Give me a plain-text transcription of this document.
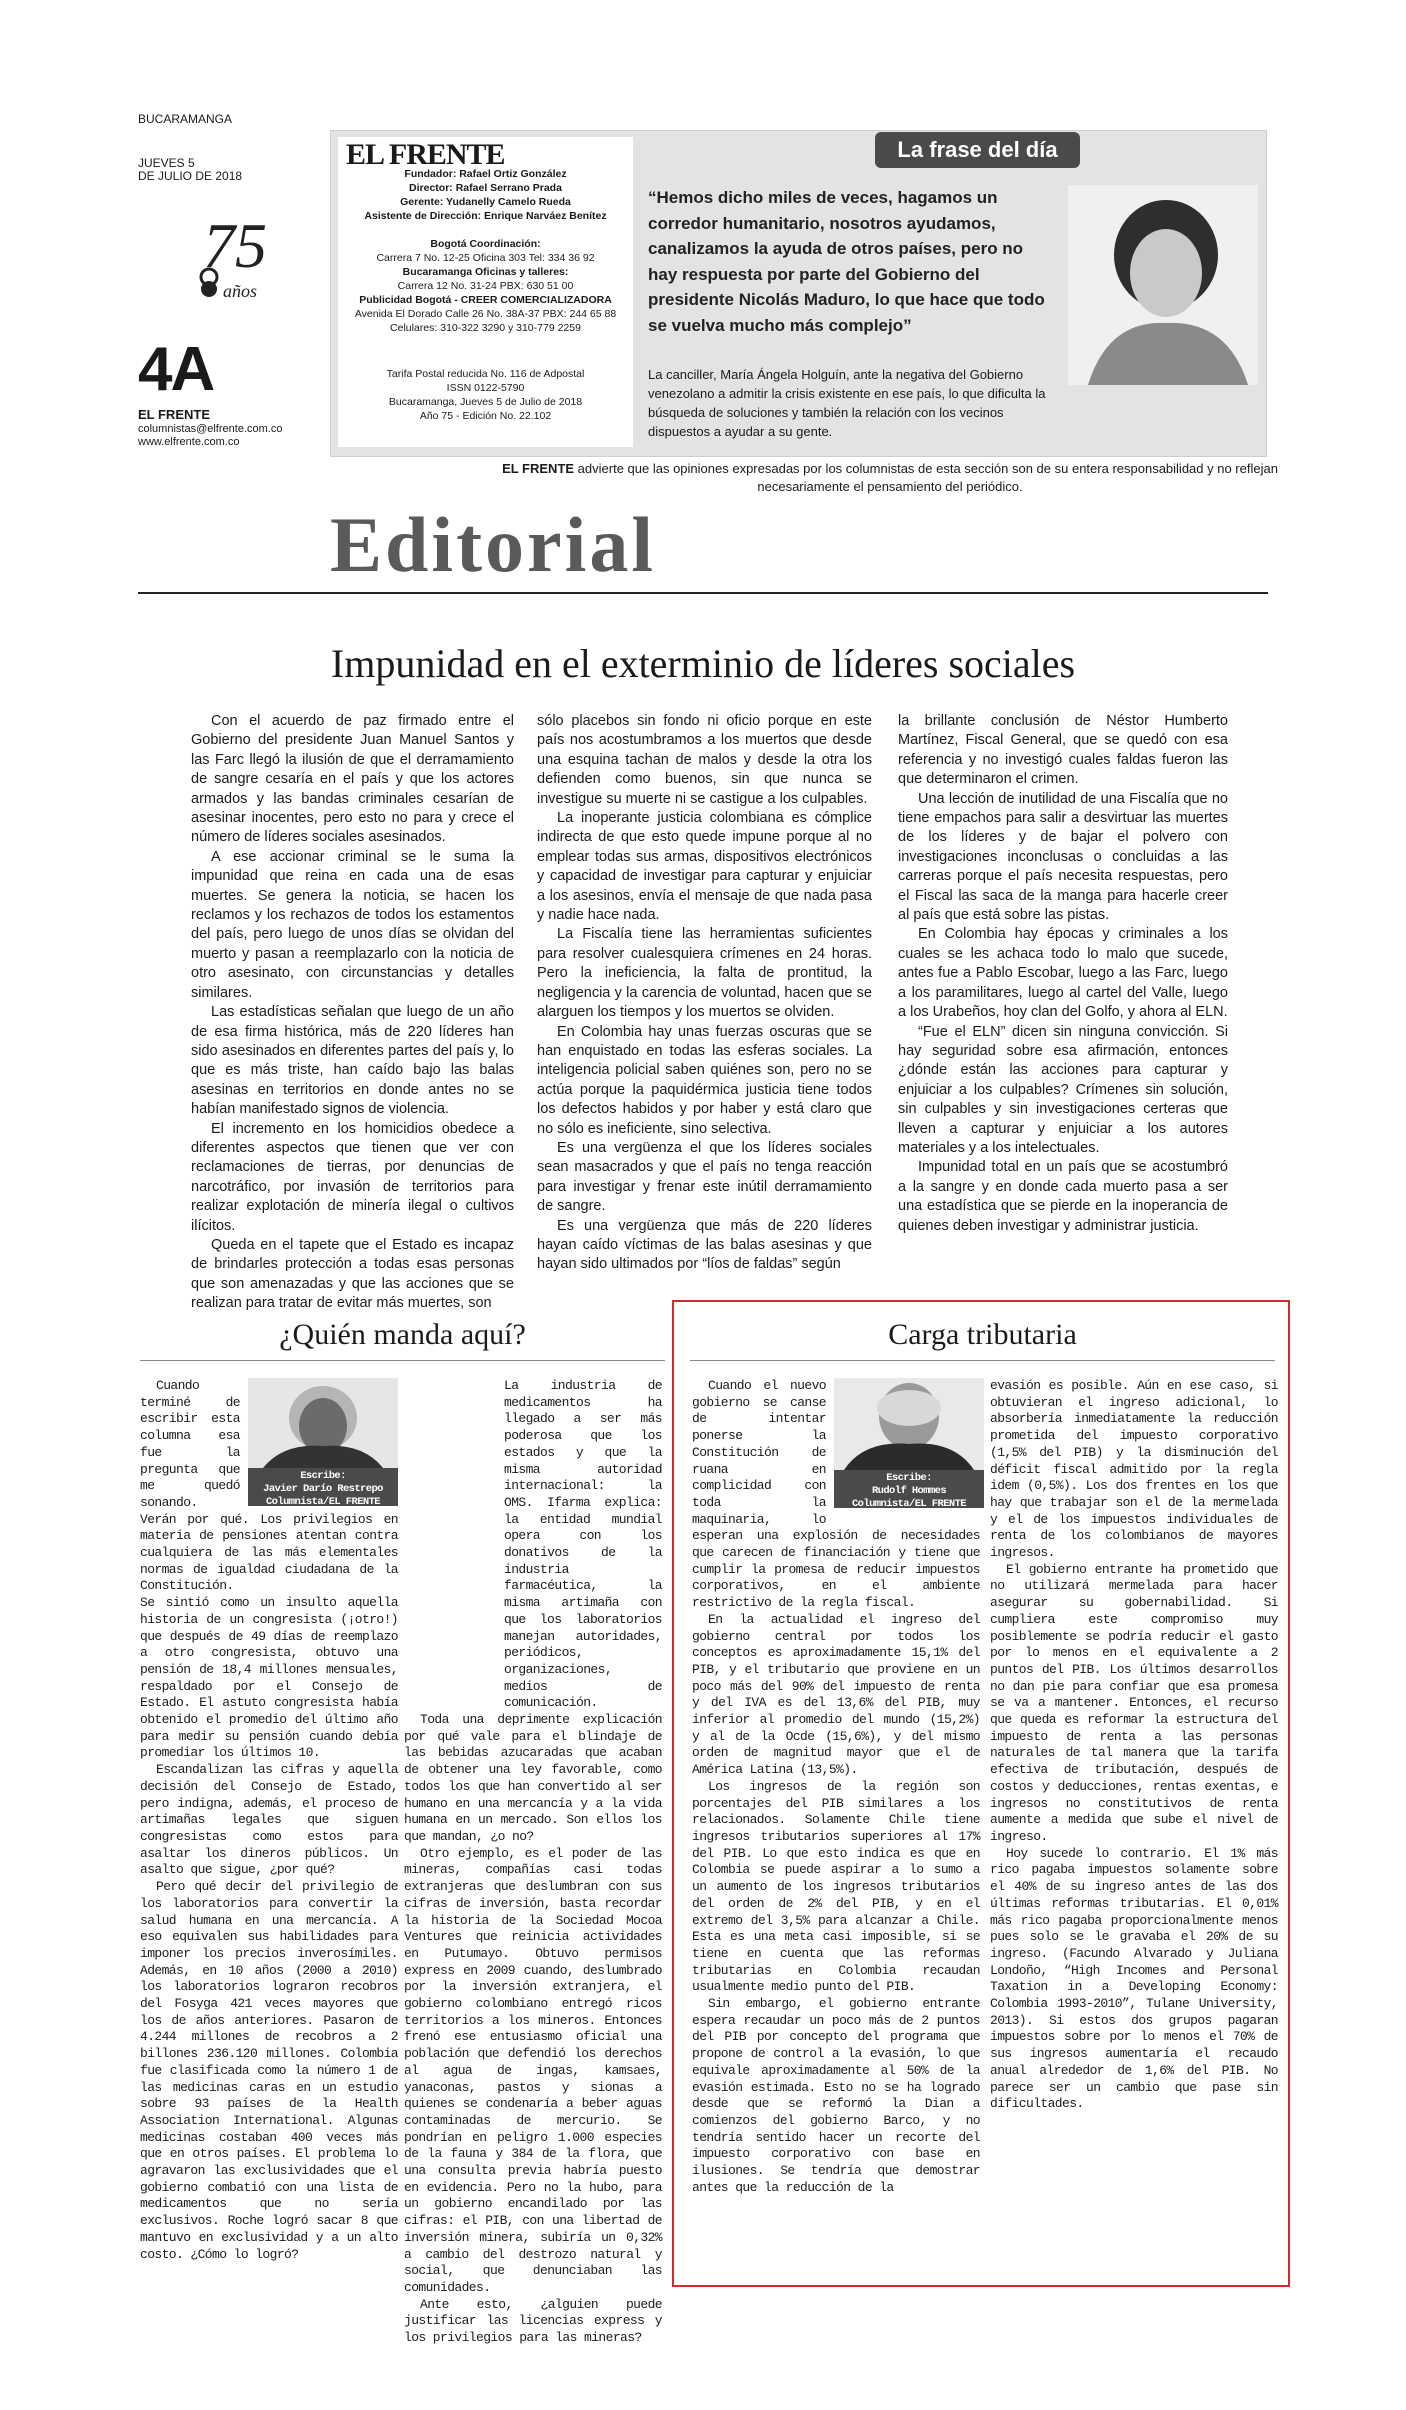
BUCARAMANGA
JUEVES 5
DE JULIO DE 2018
75
años
4A
EL FRENTE
columnistas@elfrente.com.co
www.elfrente.com.co
Fundador: Rafael Ortiz González
Director: Rafael Serrano Prada
Gerente: Yudanelly Camelo Rueda
Asistente de Dirección: Enrique Narváez Benítez
Bogotá Coordinación:
Carrera 7 No. 12-25 Oficina 303 Tel: 334 36 92
Bucaramanga Oficinas y talleres:
Carrera 12 No. 31-24 PBX: 630 51 00
Publicidad Bogotá - CREER COMERCIALIZADORA
Avenida El Dorado Calle 26 No. 38A-37 PBX: 244 65 88
Celulares: 310-322 3290 y 310-779 2259
Tarifa Postal reducida No. 116 de Adpostal
ISSN 0122-5790
Bucaramanga, Jueves 5 de Julio de 2018
Año 75 - Edición No. 22.102
EL FRENTE	La frase del día
“Hemos dicho miles de veces, hagamos un corredor humanitario, nosotros ayudamos, canalizamos la ayuda de otros países, pero no hay respuesta por parte del Gobierno del presidente Nicolás Maduro, lo que hace que todo se vuelva mucho más complejo”
La canciller, María Ángela Holguín, ante la negativa del Gobierno venezolano a admitir la crisis existente en ese país, lo que dificulta la búsqueda de soluciones y también la relación con los vecinos dispuestos a ayudar a su gente.
EL FRENTE advierte que las opiniones expresadas por los columnistas de esta sección son de su entera responsabilidad y no reflejan necesariamente el pensamiento del periódico.
Editorial
Impunidad en el exterminio de líderes sociales

Con el acuerdo de paz firmado entre el Gobierno del presidente Juan Manuel Santos y las Farc llegó la ilusión de que el derramamiento de sangre cesaría en el país y que los actores armados y las bandas criminales cesarían de asesinar inocentes, pero esto no para y crece el número de líderes sociales asesinados.

A ese accionar criminal se le suma la impunidad que reina en cada una de esas muertes. Se genera la noticia, se hacen los reclamos y los rechazos de todos los estamentos del país, pero luego de unos días se olvidan del muerto y pasan a reemplazarlo con la noticia de otro asesinato, con circunstancias y detalles similares.

Las estadísticas señalan que luego de un año de esa firma histórica, más de 220 líderes han sido asesinados en diferentes partes del país y, lo que es más triste, han caído bajo las balas asesinas en territorios en donde antes no se habían manifestado signos de violencia.

El incremento en los homicidios obedece a diferentes aspectos que tienen que ver con reclamaciones de tierras, por denuncias de narcotráfico, por invasión de territorios para realizar explotación de minería ilegal o cultivos ilícitos.

Queda en el tapete que el Estado es incapaz de brindarles protección a todas esas personas que son amenazadas y que las acciones que se realizan para tratar de evitar más muertes, son

sólo placebos sin fondo ni oficio porque en este país nos acostumbramos a los muertos que desde una esquina tachan de malos y desde la otra los defienden como buenos, sin que nunca se investigue su muerte ni se castigue a los culpables.

La inoperante justicia colombiana es cómplice indirecta de que esto quede impune porque al no emplear todas sus armas, dispositivos electrónicos y capacidad de investigar para capturar y enjuiciar a los asesinos, envía el mensaje de que nada pasa y nadie hace nada.

La Fiscalía tiene las herramientas suficientes para resolver cualesquiera crímenes en 24 horas. Pero la ineficiencia, la falta de prontitud, la negligencia y la carencia de voluntad, hacen que se alarguen los tiempos y los muertos se olviden.

En Colombia hay unas fuerzas oscuras que se han enquistado en todas las esferas sociales. La inteligencia policial saben quiénes son, pero no se actúa porque la paquidérmica justicia tiene todos los defectos habidos y por haber y está claro que no sólo es ineficiente, sino selectiva.

Es una vergüenza el que los líderes sociales sean masacrados y que el país no tenga reacción para investigar y frenar este inútil derramamiento de sangre.

Es una vergüenza que más de 220 líderes hayan caído víctimas de las balas asesinas y que hayan sido ultimados por “líos de faldas” según

la brillante conclusión de Néstor Humberto Martínez, Fiscal General, que se quedó con esa referencia y no investigó cuales faldas fueron las que determinaron el crimen.

Una lección de inutilidad de una Fiscalía que no tiene empachos para salir a desvirtuar las muertes de los líderes y de bajar el polvero con investigaciones inconclusas o concluidas a las carreras porque el país necesita respuestas, pero el Fiscal las saca de la manga para hacerle creer al país que está sobre las pistas.

En Colombia hay épocas y criminales a los cuales se les achaca todo lo malo que sucede, antes fue a Pablo Escobar, luego a las Farc, luego a los paramilitares, luego al cartel del Valle, luego a los Urabeños, hoy clan del Golfo, y ahora al ELN.

“Fue el ELN” dicen sin ninguna convicción. Si hay seguridad sobre esa afirmación, entonces ¿dónde están las acciones para capturar y enjuiciar a los culpables? Crímenes sin solución, sin culpables y sin investigaciones certeras que lleven a capturar y enjuiciar a los autores materiales y a los intelectuales.

Impunidad total en un país que se acostumbró a la sangre y en donde cada muerto pasa a ser una estadística que se pierde en la inoperancia de quienes deben investigar y administrar justicia.

¿Quién manda aquí?
Escribe:
Javier Darío Restrepo
Columnista/EL FRENTE

Cuando terminé de escribir esta columna esa fue la pregunta que me quedó sonando. Verán por qué. Los privilegios en materia de pensiones atentan contra cualquiera de las más elementales normas de igualdad ciudadana de la Constitución.

Se sintió como un insulto aquella historia de un congresista (¡otro!) que después de 49 días de reemplazo a otro congresista, obtuvo una pensión de 18,4 millones mensuales, respaldado por el Consejo de Estado. El astuto congresista había obtenido el promedio del último año para medir su pensión cuando debía promediar los últimos 10.

Escandalizan las cifras y aquella decisión del Consejo de Estado, pero indigna, además, el proceso de artimañas legales que siguen congresistas como estos para asaltar los dineros públicos. Un asalto que sigue, ¿por qué?

Pero qué decir del privilegio de los laboratorios para convertir la salud humana en una mercancía. A eso equivalen sus habilidades para imponer los precios inverosímiles. Además, en 10 años (2000 a 2010) los laboratorios lograron recobros del Fosyga 421 veces mayores que los de años anteriores. Pasaron de 4.244 millones de recobros a 2 billones 236.120 millones. Colombia fue clasificada como la número 1 de las medicinas caras en un estudio sobre 93 países de la Health Association International. Algunas medicinas costaban 400 veces más que en otros países. El problema lo agravaron las exclusividades que el gobierno combatió con una lista de medicamentos que no sería exclusivos. Roche logró sacar 8 que mantuvo en exclusividad y a un alto costo. ¿Cómo lo logró?

La industria de medicamentos ha llegado a ser más poderosa que los estados y que la misma autoridad internacional: la OMS. Ifarma explica: la entidad mundial opera con los donativos de la industria farmacéutica, la misma artimaña con que los laboratorios manejan autoridades, periódicos, organizaciones, medios de comunicación.

Toda una deprimente explicación por qué vale para el blindaje de las bebidas azucaradas que acaban de obtener una ley favorable, como todos los que han convertido al ser humano en una mercancía y a la vida humana en un mercado. Son ellos los que mandan, ¿o no?

Otro ejemplo, es el poder de las mineras, compañías casi todas extranjeras que deslumbran con sus cifras de inversión, basta recordar la historia de la Sociedad Mocoa Ventures que reinicia actividades en Putumayo. Obtuvo permisos express en 2009 cuando, deslumbrado por la inversión extranjera, el gobierno colombiano entregó ricos territorios a los mineros. Entonces frenó ese entusiasmo oficial una población que defendió los derechos al agua de ingas, kamsaes, yanaconas, pastos y sionas a quienes se condenaría a beber aguas contaminadas de mercurio. Se pondrían en peligro 1.000 especies de la fauna y 384 de la flora, que una consulta previa habría puesto en evidencia. Pero no la hubo, para un gobierno encandilado por las cifras: el PIB, con una libertad de inversión minera, subiría un 0,32% a cambio del destrozo natural y social, que denunciaban las comunidades.

Ante esto, ¿alguien puede justificar las licencias express y los privilegios para las mineras?

Carga tributaria
Escribe:
Rudolf Hommes
Columnista/EL FRENTE

Cuando el nuevo gobierno se canse de intentar ponerse la Constitución de ruana en complicidad con toda la maquinaria, lo esperan una explosión de necesidades que carecen de financiación y tiene que cumplir la promesa de reducir impuestos corporativos, en el ambiente restrictivo de la regla fiscal.

En la actualidad el ingreso del gobierno central por todos los conceptos es aproximadamente 15,1% del PIB, y el tributario que proviene en un poco más del 90% del impuesto de renta y del IVA es del 13,6% del PIB, muy inferior al promedio del mundo (15,2%) y al de la Ocde (15,6%), y del mismo orden de magnitud mayor que el de América Latina (13,5%).

Los ingresos de la región son porcentajes del PIB similares a los relacionados. Solamente Chile tiene ingresos tributarios superiores al 17% del PIB. Lo que esto indica es que en Colombia se puede aspirar a lo sumo a un aumento de los ingresos tributarios del orden de 2% del PIB, y en el extremo del 3,5% para alcanzar a Chile. Esta es una meta casi imposible, si se tiene en cuenta que las reformas tributarias en Colombia recaudan usualmente medio punto del PIB.

Sin embargo, el gobierno entrante espera recaudar un poco más de 2 puntos del PIB por concepto del programa que propone de control a la evasión, lo que equivale aproximadamente al 50% de la evasión estimada. Esto no se ha logrado desde que se reformó la Dian a comienzos del gobierno Barco, y no tendría sentido hacer un recorte del impuesto corporativo con base en ilusiones. Se tendría que demostrar antes que la reducción de la

evasión es posible. Aún en ese caso, si obtuvieran el ingreso adicional, lo absorbería inmediatamente la reducción prometida del impuesto corporativo (1,5% del PIB) y la disminución del déficit fiscal admitido por la regla idem (0,5%). Los dos frentes en los que hay que trabajar son el de la mermelada y el de los impuestos individuales de renta de los colombianos de mayores ingresos.

El gobierno entrante ha prometido que no utilizará mermelada para hacer asegurar su gobernabilidad. Si cumpliera este compromiso muy posiblemente se podría reducir el gasto por lo menos en el equivalente a 2 puntos del PIB. Los últimos desarrollos no dan pie para confiar que esa promesa se va a mantener. Entonces, el recurso que queda es reformar la estructura del impuesto de renta a las personas naturales de tal manera que la tarifa efectiva de tributación, después de costos y deducciones, rentas exentas, e ingresos no constitutivos de renta aumente a medida que sube el nivel de ingreso.

Hoy sucede lo contrario. El 1% más rico pagaba impuestos solamente sobre el 40% de su ingreso antes de las dos últimas reformas tributarias. El 0,01% más rico pagaba proporcionalmente menos pues solo se le gravaba el 20% de su ingreso. (Facundo Alvarado y Juliana Londoño, “High Incomes and Personal Taxation in a Developing Economy: Colombia 1993-2010”, Tulane University, 2013). Si estos dos grupos pagaran impuestos sobre por lo menos el 70% de sus ingresos aumentaría el recaudo anual alrededor de 1,6% del PIB. No parece ser un cambio que pase sin dificultades.
